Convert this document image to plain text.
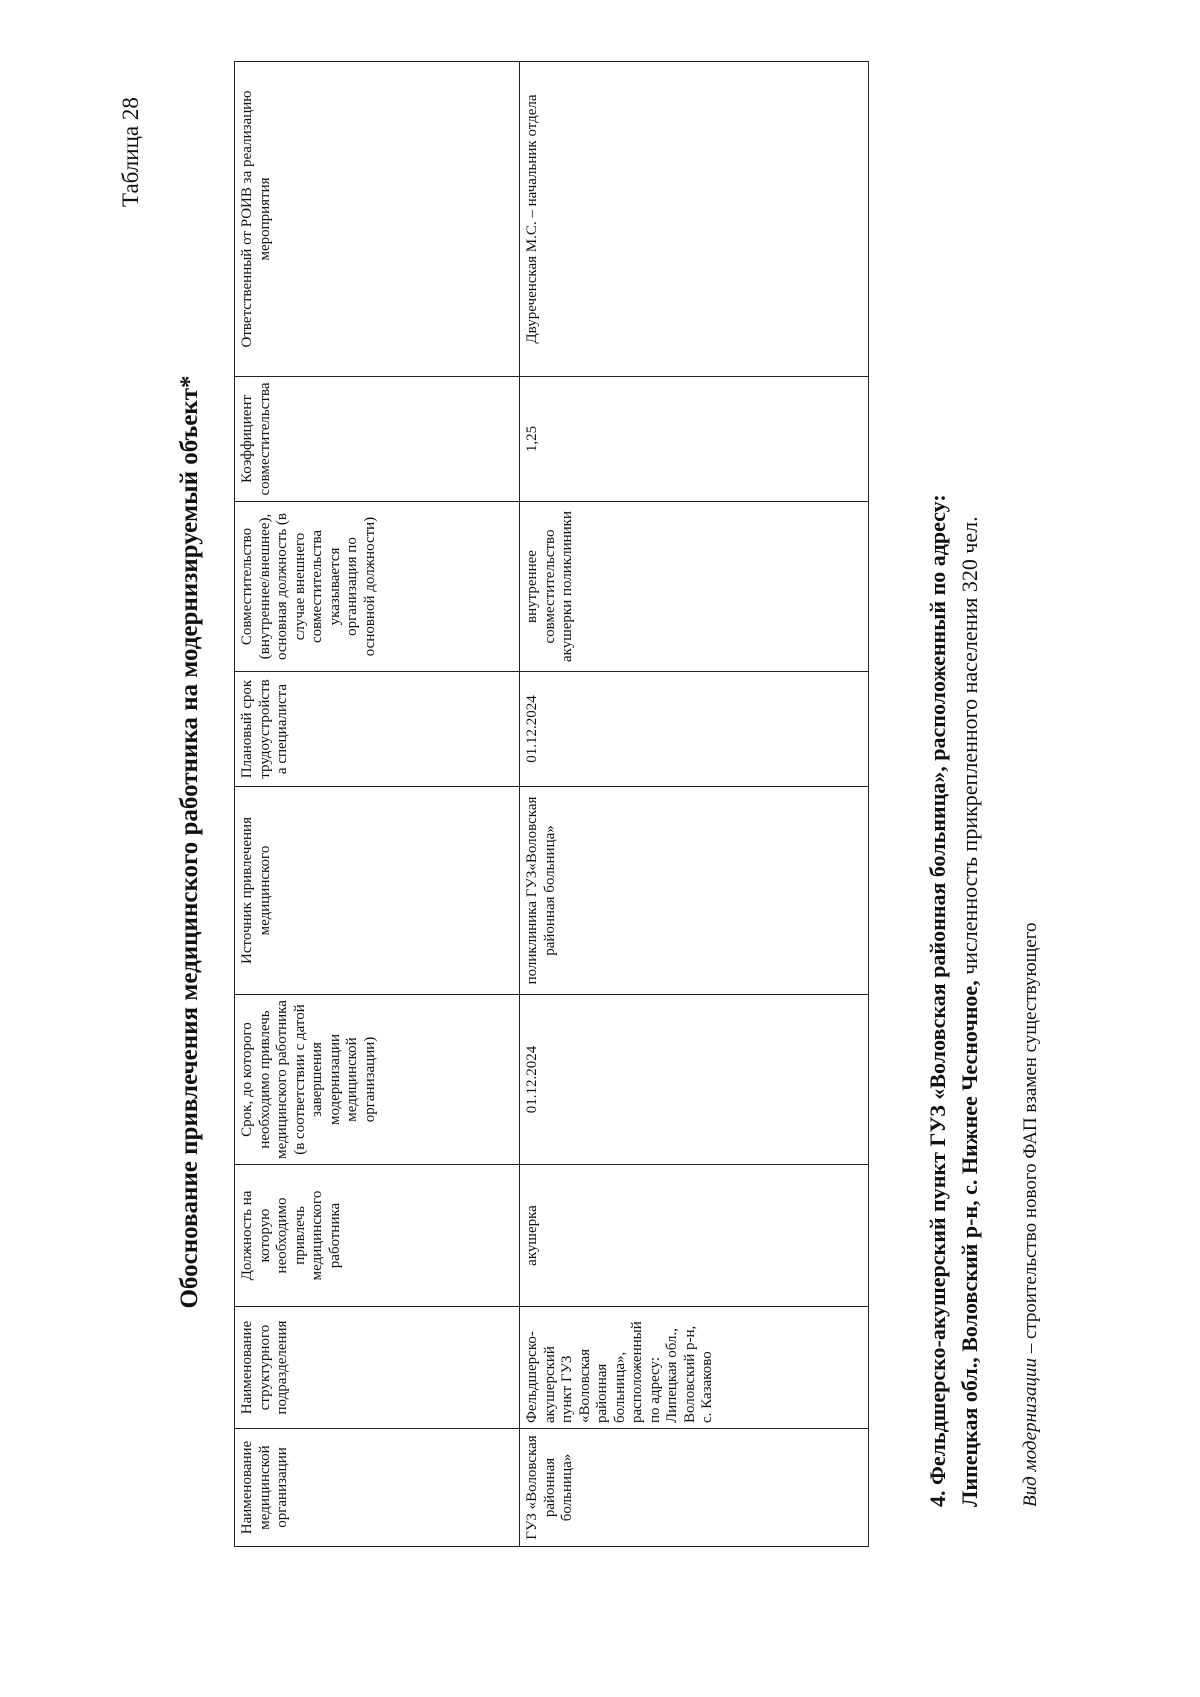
Таблица 28
Обоснование привлечения медицинского работника на модернизируемый объект*
Наименование медицинской организации	Наименование структурного подразделения	Должность на которую необходимо привлечь медицинского работника	Срок, до которого необходимо привлечь медицинского работника (в соответствии с датой завершения модернизации медицинской организации)	Источник привлечения медицинского	Плановый срок трудоустройства специалиста	Совместительство (внутреннее/внешнее), основная должность (в случае внешнего совместительства указывается организация по основной должности)	Коэффициент совместительства	Ответственный от РОИВ за реализацию мероприятия
ГУЗ «Воловская районная больница»	Фельдшерско-акушерский пункт ГУЗ «Воловская районная больница», расположенный по адресу: Липецкая обл., Воловский р-н, с. Казаково	акушерка	01.12.2024	поликлиника ГУЗ«Воловская районная больница»	01.12.2024	внутреннее совместительство акушерки поликлиники	1,25	Двуреченская М.С. – начальник отдела
4. Фельдшерско-акушерский пункт ГУЗ «Воловская районная больница», расположенный по адресу: Липецкая обл., Воловский р-н, с. Нижнее Чесночное, численность прикрепленного населения 320 чел.
Вид модернизации – строительство нового ФАП взамен существующего
